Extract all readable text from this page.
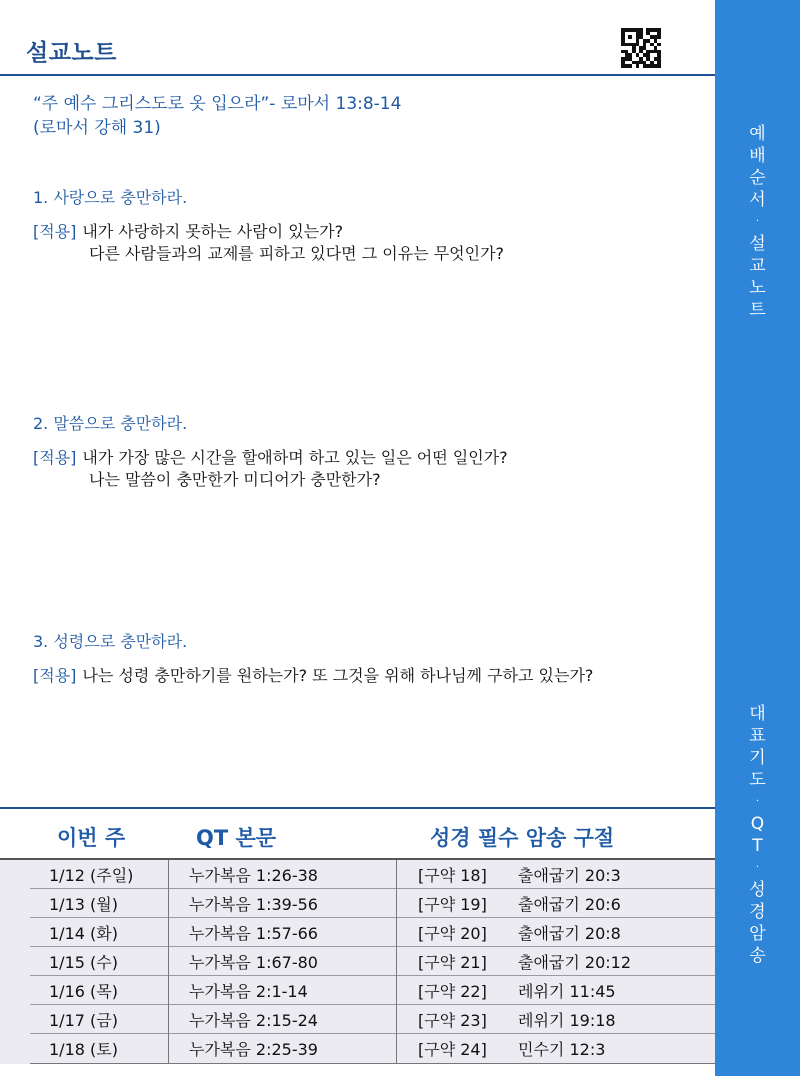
설교노트
“주 예수 그리스도로 옷 입으라”- 로마서 13:8-14
(로마서 강해 31)
1. 사랑으로 충만하라.
[적용] 내가 사랑하지 못하는 사람이 있는가?
다른 사람들과의 교제를 피하고 있다면 그 이유는 무엇인가?
2. 말씀으로 충만하라.
[적용] 내가 가장 많은 시간을 할애하며 하고 있는 일은 어떤 일인가?
나는 말씀이 충만한가 미디어가 충만한가?
3. 성령으로 충만하라.
[적용] 나는 성령 충만하기를 원하는가? 또 그것을 위해 하나님께 구하고 있는가?
이번 주	QT 본문	성경 필수 암송 구절
1/12 (주일)	누가복음 1:26-38	[구약 18] 출애굽기 20:3
1/13 (월)	누가복음 1:39-56	[구약 19] 출애굽기 20:6
1/14 (화)	누가복음 1:57-66	[구약 20] 출애굽기 20:8
1/15 (수)	누가복음 1:67-80	[구약 21] 출애굽기 20:12
1/16 (목)	누가복음 2:1-14	[구약 22] 레위기 11:45
1/17 (금)	누가복음 2:15-24	[구약 23] 레위기 19:18
1/18 (토)	누가복음 2:25-39	[구약 24] 민수기 12:3
예
배
순
서
·
설
교
노
트
대
표
기
도
·
Q
T
·
성
경
암
송
